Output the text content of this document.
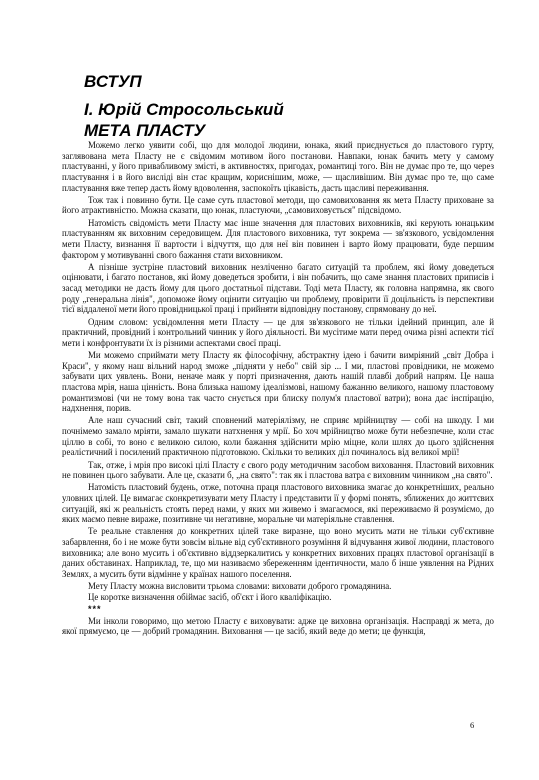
ВСТУП
І. Юрій Стросольський
МЕТА ПЛАСТУ

Можемо легко уявити собі, що для молодої людини, юнака, який приєднується до пластового гурту, заглявована мета Пласту не є свідомим мотивом його постанови. Навпаки, юнак бачить мету у самому пластуванні, у його привабливому змісті, в активностях, пригодах, романтиці того. Він не думає про те, що через пластування і в його висліді він стає кращим, кориснішим, може, — щасливішим. Він думає про те, що саме пластування вже тепер дасть йому вдоволення, заспокоїть цікавість, дасть щасливі переживання.

Тож так і повинно бути. Це саме суть пластової методи, що самовиховання як мета Пласту приховане за його атрактивністю. Можна сказати, що юнак, пластуючи, „самовиховується" підсвідомо.

Натомість свідомість мети Пласту має інше значення для пластових виховників, які керують юнацьким пластуванням як виховним середовищем. Для пластового виховника, тут зокрема — зв'язкового, усвідомлення мети Пласту, визнання її вартости і відчуття, що для неї він повинен і варто йому працювати, буде першим фактором у мотивуванні свого бажання стати виховником.

А пізніше зустріне пластовий виховник незліченно багато ситуацій та проблем, які йому доведеться оцінювати, і багато постанов, які йому доведеться зробити, і він побачить, що саме знання пластових приписів і засад методики не дасть йому для цього достатньої підстави. Тоді мета Пласту, як головна напрямна, як свого роду „генеральна лінія", допоможе йому оцінити ситуацію чи проблему, провірити її доцільність із перспективи тієї віддаленої мети його провідницької праці і прийняти відповідну постанову, спрямовану до неї.

Одним словом: усвідомлення мети Пласту — це для зв'язкового не тільки ідейний принцип, але й практичний, провідний і контрольний чинник у його діяльності. Ви мусітиме мати перед очима різні аспекти тієї мети і конфронтувати їх із різними аспектами своєї праці.

Ми можемо сприймати мету Пласту як філософічну, абстрактну ідею і бачити вимріяний „світ Добра і Краси", у якому наш вільний народ зможе „підняти у небо" свій зір ... І ми, пластові провідники, не можемо забувати цих уявлень. Вони, неначе маяк у порті призначення, дають нашій плавбі добрий напрям. Це наша пластова мрія, наша цінність. Вона близька нашому ідеалізмові, нашому бажанню великого, нашому пластовому романтизмові (чи не тому вона так часто снується при блиску полум'я пластової ватри); вона дає інспірацію, надхнення, порив.

Але наш сучасний світ, такий сповнений матеріялізму, не сприяє мрійництву — собі на шкоду. І ми почнімемо замало мріяти, замало шукати натхнення у мрії. Бо хоч мрійництво може бути небезпечне, коли стає ціллю в собі, то воно є великою силою, коли бажання здійснити мрію міцне, коли шлях до цього здійснення реалістичний і посилений практичною підготовкою. Скільки то великих діл починалось від великої мрії!

Так, отже, і мрія про високі цілі Пласту є свого роду методичним засобом виховання. Пластовий виховник не повинен цього забувати. Але це, сказати б, „на свято": так як і пластова ватра є виховним чинником „на свято".

Натомість пластовий будень, отже, поточна праця пластового виховника змагає до конкретніших, реально уловних цілей. Це вимагає сконкретизувати мету Пласту і представити її у формі понять, зближених до життєвих ситуацій, які ж реальність стоять перед нами, у яких ми живемо і змагаємося, які переживаємо й розуміємо, до яких маємо певне вираже, позитивне чи негативне, моральне чи матеріяльне ставлення.

Те реальне ставлення до конкретних цілей таке виразне, що воно мусить мати не тільки суб'єктивне забарвлення, бо і не може бути зовсім вільне від суб'єктивного розуміння й відчування живої людини, пластового виховника; але воно мусить і об'єктивно віддзеркалитись у конкретних виховних працях пластової організації в даних обставинах. Наприклад, те, що ми називаємо збереженням ідентичности, мало б інше уявлення на Рідних Землях, а мусить бути відмінне у країнах нашого поселення.

Мету Пласту можна висловити трьома словами: виховати доброго громадянина.

Це коротке визначення обіймає засіб, об'єкт і його кваліфікацію.

***

Ми інколи говоримо, що метою Пласту є виховувати: адже це виховна організація. Насправді ж мета, до якої прямуємо, це — добрий громадянин. Виховання — це засіб, який веде до мети; це функція,

6
